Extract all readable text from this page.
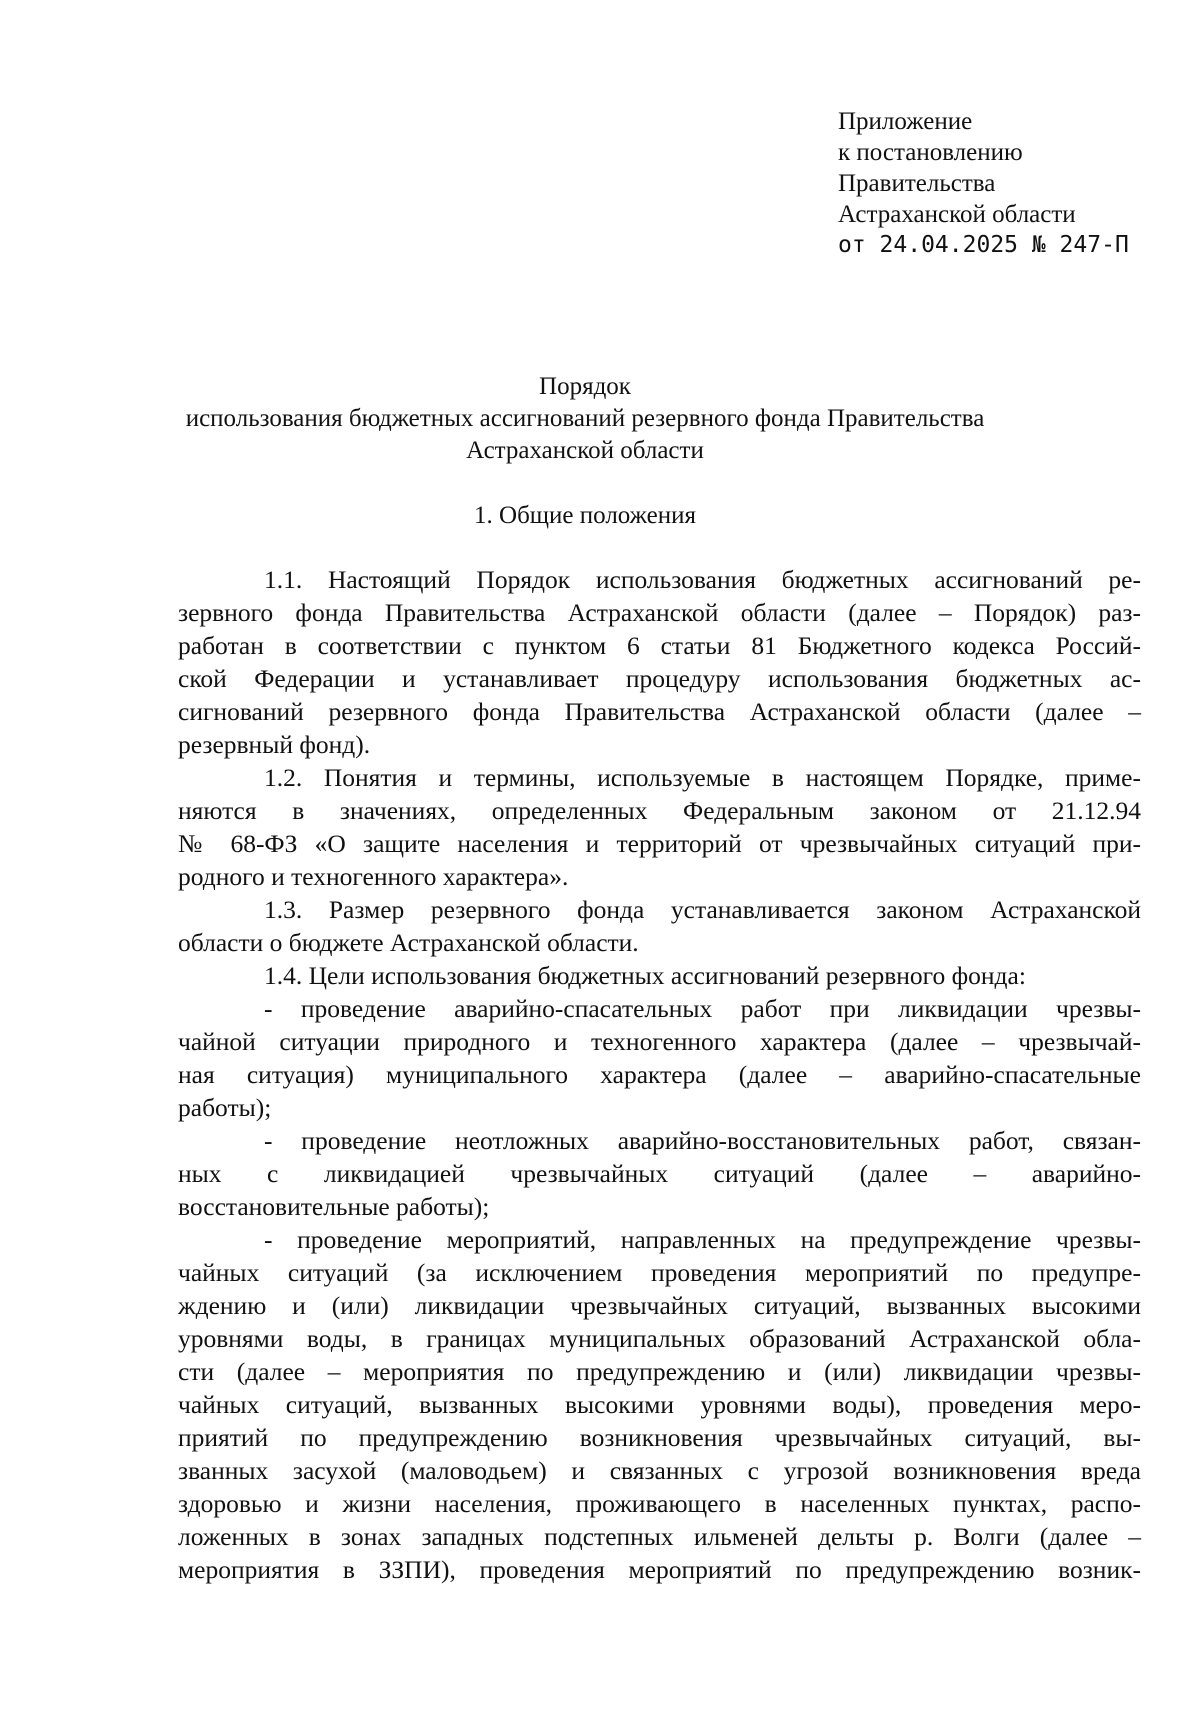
Приложение
к постановлению
Правительства
Астраханской области
от 24.04.2025 № 247-П
Порядок
использования бюджетных ассигнований резервного фонда Правительства
Астраханской области
1. Общие положения
1.1. Настоящий Порядок использования бюджетных ассигнований ре-
зервного фонда Правительства Астраханской области (далее – Порядок) раз-
работан в соответствии с пунктом 6 статьи 81 Бюджетного кодекса Россий-
ской Федерации и устанавливает процедуру использования бюджетных ас-
сигнований резервного фонда Правительства Астраханской области (далее –
резервный фонд).
1.2. Понятия и термины, используемые в настоящем Порядке, приме-
няются в значениях, определенных Федеральным законом от 21.12.94
№ 68-ФЗ «О защите населения и территорий от чрезвычайных ситуаций при-
родного и техногенного характера».
1.3. Размер резервного фонда устанавливается законом Астраханской
области о бюджете Астраханской области.
1.4. Цели использования бюджетных ассигнований резервного фонда:
- проведение аварийно-спасательных работ при ликвидации чрезвы-
чайной ситуации природного и техногенного характера (далее – чрезвычай-
ная ситуация) муниципального характера (далее – аварийно-спасательные
работы);
- проведение неотложных аварийно-восстановительных работ, связан-
ных с ликвидацией чрезвычайных ситуаций (далее – аварийно-
восстановительные работы);
- проведение мероприятий, направленных на предупреждение чрезвы-
чайных ситуаций (за исключением проведения мероприятий по предупре-
ждению и (или) ликвидации чрезвычайных ситуаций, вызванных высокими
уровнями воды, в границах муниципальных образований Астраханской обла-
сти (далее – мероприятия по предупреждению и (или) ликвидации чрезвы-
чайных ситуаций, вызванных высокими уровнями воды), проведения меро-
приятий по предупреждению возникновения чрезвычайных ситуаций, вы-
званных засухой (маловодьем) и связанных с угрозой возникновения вреда
здоровью и жизни населения, проживающего в населенных пунктах, распо-
ложенных в зонах западных подстепных ильменей дельты р. Волги (далее –
мероприятия в ЗЗПИ), проведения мероприятий по предупреждению возник-
